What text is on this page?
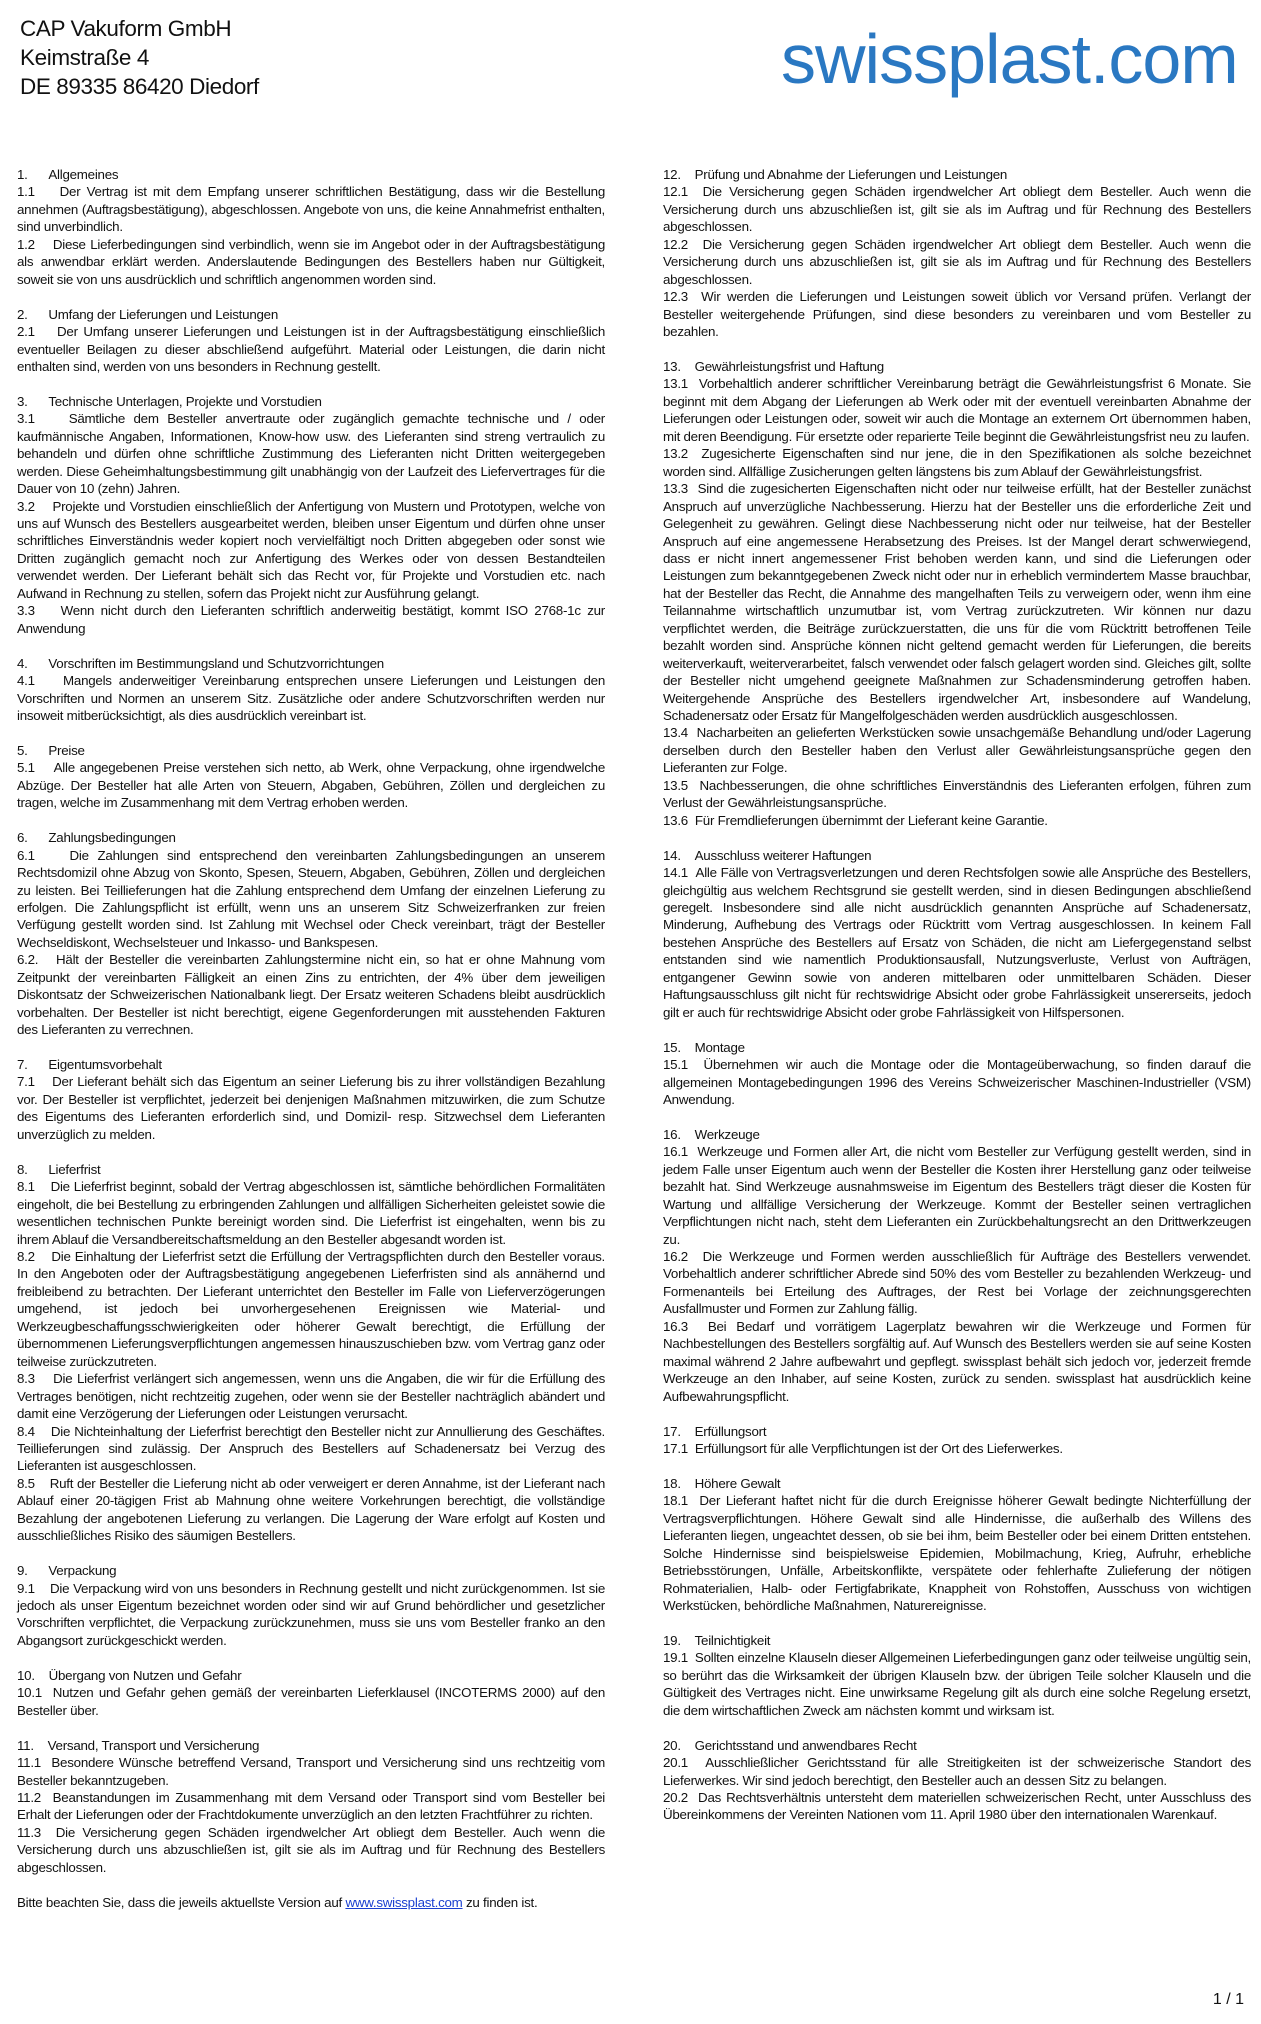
CAP Vakuform GmbH
Keimstraße 4
DE 89335 86420 Diedorf	swissplast.com

1.      Allgemeines

1.1    Der Vertrag ist mit dem Empfang unserer schriftlichen Bestätigung, dass wir die Bestellung annehmen (Auftragsbestätigung), abgeschlossen. Angebote von uns, die keine Annahmefrist enthalten, sind unverbindlich.

1.2    Diese Lieferbedingungen sind verbindlich, wenn sie im Angebot oder in der Auftragsbestätigung als anwendbar erklärt werden. Anderslautende Bedingungen des Bestellers haben nur Gültigkeit, soweit sie von uns ausdrücklich und schriftlich angenommen worden sind.

2.      Umfang der Lieferungen und Leistungen

2.1    Der Umfang unserer Lieferungen und Leistungen ist in der Auftragsbestätigung einschließlich eventueller Beilagen zu dieser abschließend aufgeführt. Material oder Leistungen, die darin nicht enthalten sind, werden von uns besonders in Rechnung gestellt.

3.      Technische Unterlagen, Projekte und Vorstudien

3.1    Sämtliche dem Besteller anvertraute oder zugänglich gemachte technische und / oder kaufmännische Angaben, Informationen, Know-how usw. des Lieferanten sind streng vertraulich zu behandeln und dürfen ohne schriftliche Zustimmung des Lieferanten nicht Dritten weitergegeben werden. Diese Geheimhaltungsbestimmung gilt unabhängig von der Laufzeit des Liefervertrages für die Dauer von 10 (zehn) Jahren.

3.2    Projekte und Vorstudien einschließlich der Anfertigung von Mustern und Prototypen, welche von uns auf Wunsch des Bestellers ausgearbeitet werden, bleiben unser Eigentum und dürfen ohne unser schriftliches Einverständnis weder kopiert noch vervielfältigt noch Dritten abgegeben oder sonst wie Dritten zugänglich gemacht noch zur Anfertigung des Werkes oder von dessen Bestandteilen verwendet werden. Der Lieferant behält sich das Recht vor, für Projekte und Vorstudien etc. nach Aufwand in Rechnung zu stellen, sofern das Projekt nicht zur Ausführung gelangt.

3.3    Wenn nicht durch den Lieferanten schriftlich anderweitig bestätigt, kommt ISO 2768-1c zur Anwendung

4.      Vorschriften im Bestimmungsland und Schutzvorrichtungen

4.1    Mangels anderweitiger Vereinbarung entsprechen unsere Lieferungen und Leistungen den Vorschriften und Normen an unserem Sitz. Zusätzliche oder andere Schutzvorschriften werden nur insoweit mitberücksichtigt, als dies ausdrücklich vereinbart ist.

5.      Preise

5.1    Alle angegebenen Preise verstehen sich netto, ab Werk, ohne Verpackung, ohne irgendwelche Abzüge. Der Besteller hat alle Arten von Steuern, Abgaben, Gebühren, Zöllen und dergleichen zu tragen, welche im Zusammenhang mit dem Vertrag erhoben werden.

6.      Zahlungsbedingungen

6.1    Die Zahlungen sind entsprechend den vereinbarten Zahlungsbedingungen an unserem Rechtsdomizil ohne Abzug von Skonto, Spesen, Steuern, Abgaben, Gebühren, Zöllen und dergleichen zu leisten. Bei Teillieferungen hat die Zahlung entsprechend dem Umfang der einzelnen Lieferung zu erfolgen. Die Zahlungspflicht ist erfüllt, wenn uns an unserem Sitz Schweizerfranken zur freien Verfügung gestellt worden sind. Ist Zahlung mit Wechsel oder Check vereinbart, trägt der Besteller Wechseldiskont, Wechselsteuer und Inkasso- und Bankspesen.

6.2.   Hält der Besteller die vereinbarten Zahlungstermine nicht ein, so hat er ohne Mahnung vom Zeitpunkt der vereinbarten Fälligkeit an einen Zins zu entrichten, der 4% über dem jeweiligen Diskontsatz der Schweizerischen Nationalbank liegt. Der Ersatz weiteren Schadens bleibt ausdrücklich vorbehalten. Der Besteller ist nicht berechtigt, eigene Gegenforderungen mit ausstehenden Fakturen des Lieferanten zu verrechnen.

7.      Eigentumsvorbehalt

7.1    Der Lieferant behält sich das Eigentum an seiner Lieferung bis zu ihrer vollständigen Bezahlung vor. Der Besteller ist verpflichtet, jederzeit bei denjenigen Maßnahmen mitzuwirken, die zum Schutze des Eigentums des Lieferanten erforderlich sind, und Domizil- resp. Sitzwechsel dem Lieferanten unverzüglich zu melden.

8.      Lieferfrist

8.1    Die Lieferfrist beginnt, sobald der Vertrag abgeschlossen ist, sämtliche behördlichen Formalitäten eingeholt, die bei Bestellung zu erbringenden Zahlungen und allfälligen Sicherheiten geleistet sowie die wesentlichen technischen Punkte bereinigt worden sind. Die Lieferfrist ist eingehalten, wenn bis zu ihrem Ablauf die Versandbereitschaftsmeldung an den Besteller abgesandt worden ist.

8.2    Die Einhaltung der Lieferfrist setzt die Erfüllung der Vertragspflichten durch den Besteller voraus. In den Angeboten oder der Auftragsbestätigung angegebenen Lieferfristen sind als annähernd und freibleibend zu betrachten. Der Lieferant unterrichtet den Besteller im Falle von Lieferverzögerungen umgehend, ist jedoch bei unvorhergesehenen Ereignissen wie Material- und Werkzeugbeschaffungsschwierigkeiten oder höherer Gewalt berechtigt, die Erfüllung der übernommenen Lieferungsverpflichtungen angemessen hinauszuschieben bzw. vom Vertrag ganz oder teilweise zurückzutreten.

8.3    Die Lieferfrist verlängert sich angemessen, wenn uns die Angaben, die wir für die Erfüllung des Vertrages benötigen, nicht rechtzeitig zugehen, oder wenn sie der Besteller nachträglich abändert und damit eine Verzögerung der Lieferungen oder Leistungen verursacht.

8.4    Die Nichteinhaltung der Lieferfrist berechtigt den Besteller nicht zur Annullierung des Geschäftes. Teillieferungen sind zulässig. Der Anspruch des Bestellers auf Schadenersatz bei Verzug des Lieferanten ist ausgeschlossen.

8.5    Ruft der Besteller die Lieferung nicht ab oder verweigert er deren Annahme, ist der Lieferant nach Ablauf einer 20-tägigen Frist ab Mahnung ohne weitere Vorkehrungen berechtigt, die vollständige Bezahlung der angebotenen Lieferung zu verlangen. Die Lagerung der Ware erfolgt auf Kosten und ausschließliches Risiko des säumigen Bestellers.

9.      Verpackung

9.1    Die Verpackung wird von uns besonders in Rechnung gestellt und nicht zurückgenommen. Ist sie jedoch als unser Eigentum bezeichnet worden oder sind wir auf Grund behördlicher und gesetzlicher Vorschriften verpflichtet, die Verpackung zurückzunehmen, muss sie uns vom Besteller franko an den Abgangsort zurückgeschickt werden.

10.    Übergang von Nutzen und Gefahr

10.1  Nutzen und Gefahr gehen gemäß der vereinbarten Lieferklausel (INCOTERMS 2000) auf den Besteller über.

11.    Versand, Transport und Versicherung

11.1  Besondere Wünsche betreffend Versand, Transport und Versicherung sind uns rechtzeitig vom Besteller bekanntzugeben.

11.2  Beanstandungen im Zusammenhang mit dem Versand oder Transport sind vom Besteller bei Erhalt der Lieferungen oder der Frachtdokumente unverzüglich an den letzten Frachtführer zu richten.

11.3  Die Versicherung gegen Schäden irgendwelcher Art obliegt dem Besteller. Auch wenn die Versicherung durch uns abzuschließen ist, gilt sie als im Auftrag und für Rechnung des Bestellers abgeschlossen.

Bitte beachten Sie, dass die jeweils aktuellste Version auf www.swissplast.com zu finden ist.

12.    Prüfung und Abnahme der Lieferungen und Leistungen

12.1  Die Versicherung gegen Schäden irgendwelcher Art obliegt dem Besteller. Auch wenn die Versicherung durch uns abzuschließen ist, gilt sie als im Auftrag und für Rechnung des Bestellers abgeschlossen.

12.2  Die Versicherung gegen Schäden irgendwelcher Art obliegt dem Besteller. Auch wenn die Versicherung durch uns abzuschließen ist, gilt sie als im Auftrag und für Rechnung des Bestellers abgeschlossen.

12.3  Wir werden die Lieferungen und Leistungen soweit üblich vor Versand prüfen. Verlangt der Besteller weitergehende Prüfungen, sind diese besonders zu vereinbaren und vom Besteller zu bezahlen.

13.    Gewährleistungsfrist und Haftung

13.1  Vorbehaltlich anderer schriftlicher Vereinbarung beträgt die Gewährleistungsfrist 6 Monate. Sie beginnt mit dem Abgang der Lieferungen ab Werk oder mit der eventuell vereinbarten Abnahme der Lieferungen oder Leistungen oder, soweit wir auch die Montage an externem Ort übernommen haben, mit deren Beendigung. Für ersetzte oder reparierte Teile beginnt die Gewährleistungsfrist neu zu laufen.

13.2  Zugesicherte Eigenschaften sind nur jene, die in den Spezifikationen als solche bezeichnet worden sind. Allfällige Zusicherungen gelten längstens bis zum Ablauf der Gewährleistungsfrist.

13.3  Sind die zugesicherten Eigenschaften nicht oder nur teilweise erfüllt, hat der Besteller zunächst Anspruch auf unverzügliche Nachbesserung. Hierzu hat der Besteller uns die erforderliche Zeit und Gelegenheit zu gewähren. Gelingt diese Nachbesserung nicht oder nur teilweise, hat der Besteller Anspruch auf eine angemessene Herabsetzung des Preises. Ist der Mangel derart schwerwiegend, dass er nicht innert angemessener Frist behoben werden kann, und sind die Lieferungen oder Leistungen zum bekanntgegebenen Zweck nicht oder nur in erheblich vermindertem Masse brauchbar, hat der Besteller das Recht, die Annahme des mangelhaften Teils zu verweigern oder, wenn ihm eine Teilannahme wirtschaftlich unzumutbar ist, vom Vertrag zurückzutreten. Wir können nur dazu verpflichtet werden, die Beiträge zurückzuerstatten, die uns für die vom Rücktritt betroffenen Teile bezahlt worden sind. Ansprüche können nicht geltend gemacht werden für Lieferungen, die bereits weiterverkauft, weiterverarbeitet, falsch verwendet oder falsch gelagert worden sind. Gleiches gilt, sollte der Besteller nicht umgehend geeignete Maßnahmen zur Schadensminderung getroffen haben. Weitergehende Ansprüche des Bestellers irgendwelcher Art, insbesondere auf Wandelung, Schadenersatz oder Ersatz für Mangelfolgeschäden werden ausdrücklich ausgeschlossen.

13.4  Nacharbeiten an gelieferten Werkstücken sowie unsachgemäße Behandlung und/oder Lagerung derselben durch den Besteller haben den Verlust aller Gewährleistungsansprüche gegen den Lieferanten zur Folge.

13.5  Nachbesserungen, die ohne schriftliches Einverständnis des Lieferanten erfolgen, führen zum Verlust der Gewährleistungsansprüche.

13.6  Für Fremdlieferungen übernimmt der Lieferant keine Garantie.

14.    Ausschluss weiterer Haftungen

14.1  Alle Fälle von Vertragsverletzungen und deren Rechtsfolgen sowie alle Ansprüche des Bestellers, gleichgültig aus welchem Rechtsgrund sie gestellt werden, sind in diesen Bedingungen abschließend geregelt. Insbesondere sind alle nicht ausdrücklich genannten Ansprüche auf Schadenersatz, Minderung, Aufhebung des Vertrags oder Rücktritt vom Vertrag ausgeschlossen. In keinem Fall bestehen Ansprüche des Bestellers auf Ersatz von Schäden, die nicht am Liefergegenstand selbst entstanden sind wie namentlich Produktionsausfall, Nutzungsverluste, Verlust von Aufträgen, entgangener Gewinn sowie von anderen mittelbaren oder unmittelbaren Schäden. Dieser Haftungsausschluss gilt nicht für rechtswidrige Absicht oder grobe Fahrlässigkeit unsererseits, jedoch gilt er auch für rechtswidrige Absicht oder grobe Fahrlässigkeit von Hilfspersonen.

15.    Montage

15.1  Übernehmen wir auch die Montage oder die Montageüberwachung, so finden darauf die allgemeinen Montagebedingungen 1996 des Vereins Schweizerischer Maschinen-Industrieller (VSM) Anwendung.

16.    Werkzeuge

16.1  Werkzeuge und Formen aller Art, die nicht vom Besteller zur Verfügung gestellt werden, sind in jedem Falle unser Eigentum auch wenn der Besteller die Kosten ihrer Herstellung ganz oder teilweise bezahlt hat. Sind Werkzeuge ausnahmsweise im Eigentum des Bestellers trägt dieser die Kosten für Wartung und allfällige Versicherung der Werkzeuge. Kommt der Besteller seinen vertraglichen Verpflichtungen nicht nach, steht dem Lieferanten ein Zurückbehaltungsrecht an den Drittwerkzeugen zu.

16.2  Die Werkzeuge und Formen werden ausschließlich für Aufträge des Bestellers verwendet. Vorbehaltlich anderer schriftlicher Abrede sind 50% des vom Besteller zu bezahlenden Werkzeug- und Formenanteils bei Erteilung des Auftrages, der Rest bei Vorlage der zeichnungsgerechten Ausfallmuster und Formen zur Zahlung fällig.

16.3  Bei Bedarf und vorrätigem Lagerplatz bewahren wir die Werkzeuge und Formen für Nachbestellungen des Bestellers sorgfältig auf. Auf Wunsch des Bestellers werden sie auf seine Kosten maximal während 2 Jahre aufbewahrt und gepflegt. swissplast behält sich jedoch vor, jederzeit fremde Werkzeuge an den Inhaber, auf seine Kosten, zurück zu senden. swissplast hat ausdrücklich keine Aufbewahrungspflicht.

17.    Erfüllungsort

17.1  Erfüllungsort für alle Verpflichtungen ist der Ort des Lieferwerkes.

18.    Höhere Gewalt

18.1  Der Lieferant haftet nicht für die durch Ereignisse höherer Gewalt bedingte Nichterfüllung der Vertragsverpflichtungen. Höhere Gewalt sind alle Hindernisse, die außerhalb des Willens des Lieferanten liegen, ungeachtet dessen, ob sie bei ihm, beim Besteller oder bei einem Dritten entstehen. Solche Hindernisse sind beispielsweise Epidemien, Mobilmachung, Krieg, Aufruhr, erhebliche Betriebsstörungen, Unfälle, Arbeitskonflikte, verspätete oder fehlerhafte Zulieferung der nötigen Rohmaterialien, Halb- oder Fertigfabrikate, Knappheit von Rohstoffen, Ausschuss von wichtigen Werkstücken, behördliche Maßnahmen, Naturereignisse.

19.    Teilnichtigkeit

19.1  Sollten einzelne Klauseln dieser Allgemeinen Lieferbedingungen ganz oder teilweise ungültig sein, so berührt das die Wirksamkeit der übrigen Klauseln bzw. der übrigen Teile solcher Klauseln und die Gültigkeit des Vertrages nicht. Eine unwirksame Regelung gilt als durch eine solche Regelung ersetzt, die dem wirtschaftlichen Zweck am nächsten kommt und wirksam ist.

20.    Gerichtsstand und anwendbares Recht

20.1  Ausschließlicher Gerichtsstand für alle Streitigkeiten ist der schweizerische Standort des Lieferwerkes. Wir sind jedoch berechtigt, den Besteller auch an dessen Sitz zu belangen.

20.2  Das Rechtsverhältnis untersteht dem materiellen schweizerischen Recht, unter Ausschluss des Übereinkommens der Vereinten Nationen vom 11. April 1980 über den internationalen Warenkauf.

1 / 1
